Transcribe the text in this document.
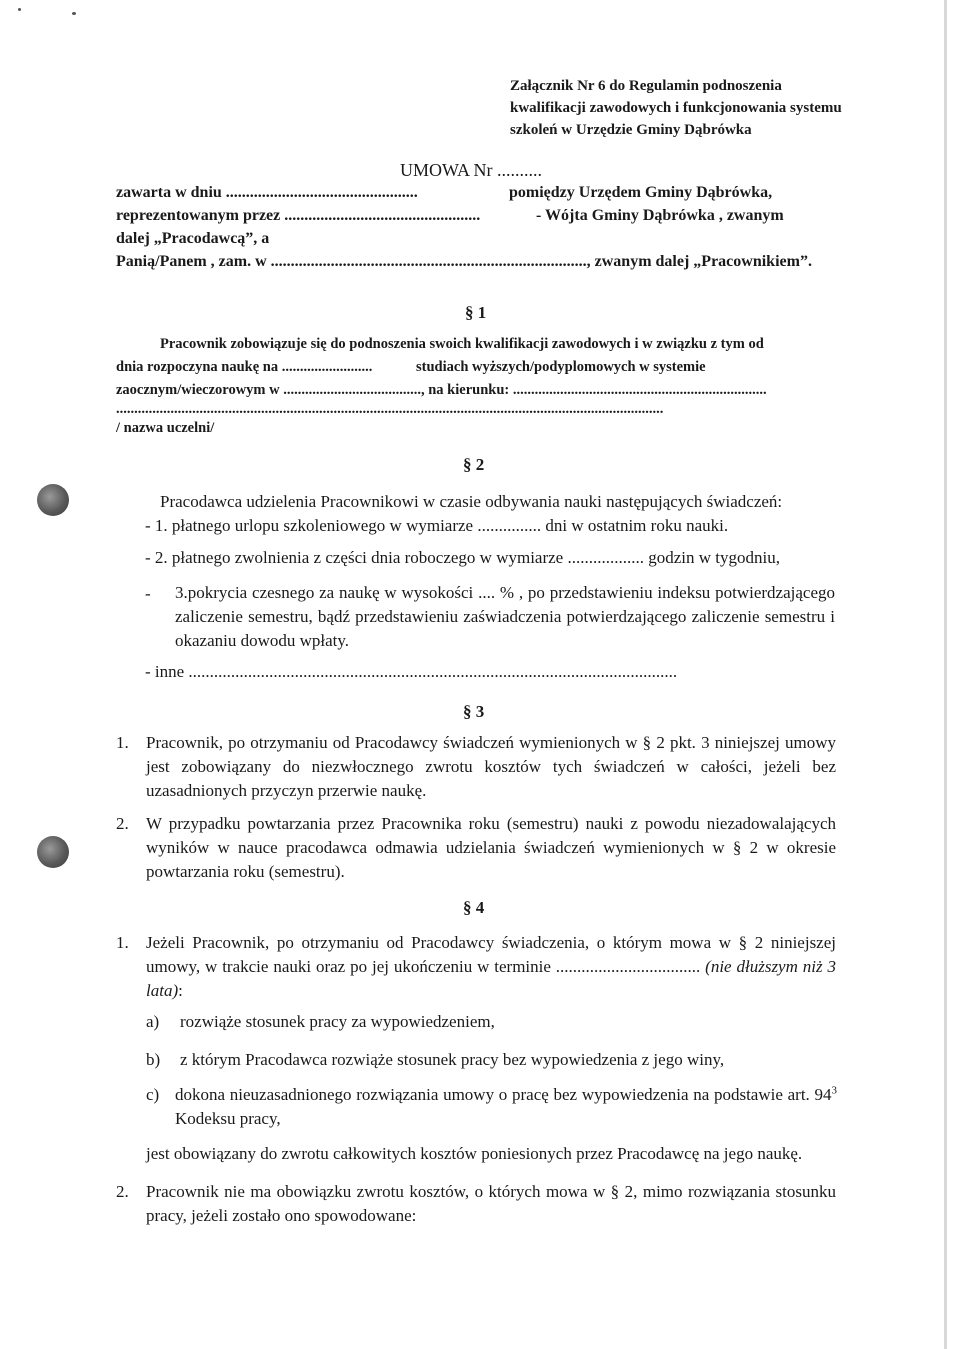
Załącznik Nr 6 do Regulamin podnoszenia
kwalifikacji zawodowych i funkcjonowania systemu
szkoleń w Urzędzie Gminy Dąbrówka
UMOWA Nr ..........
zawarta w dniu ................................................	pomiędzy Urzędem Gminy Dąbrówka,
reprezentowanym przez .................................................	- Wójta Gminy Dąbrówka , zwanym
dalej „Pracodawcą”, a
Panią/Panem , zam. w ..............................................................................., zwanym dalej „Pracownikiem”.
§ 1
Pracownik zobowiązuje się do podnoszenia swoich kwalifikacji zawodowych i w związku z tym od
dnia rozpoczyna naukę na .........................	studiach wyższych/podyplomowych w systemie
zaocznym/wieczorowym w ......................................, na kierunku: ......................................................................
.......................................................................................................................................................
/ nazwa uczelni/
§ 2
Pracodawca udzielenia Pracownikowi w czasie odbywania nauki następujących świadczeń:
- 1. płatnego urlopu szkoleniowego w wymiarze ............... dni w ostatnim roku nauki.
- 2. płatnego zwolnienia z części dnia roboczego w wymiarze .................. godzin w tygodniu,
- 3.pokrycia czesnego za naukę w wysokości .... % , po przedstawieniu indeksu potwierdzającego zaliczenie semestru, bądź przedstawieniu zaświadczenia potwierdzającego zaliczenie semestru i okazaniu dowodu wpłaty.
- inne ...................................................................................................................
§ 3
1. Pracownik, po otrzymaniu od Pracodawcy świadczeń wymienionych w § 2 pkt. 3 niniejszej umowy jest zobowiązany do niezwłocznego zwrotu kosztów tych świadczeń w całości, jeżeli bez uzasadnionych przyczyn przerwie naukę.
2. W przypadku powtarzania przez Pracownika roku (semestru) nauki z powodu niezadowalających wyników w nauce pracodawca odmawia udzielania świadczeń wymienionych w § 2 w okresie powtarzania roku (semestru).
§ 4
1. Jeżeli Pracownik, po otrzymaniu od Pracodawcy świadczenia, o którym mowa w § 2 niniejszej umowy, w trakcie nauki oraz po jej ukończeniu w terminie .................................. (nie dłuższym niż 3 lata):
a) rozwiąże stosunek pracy za wypowiedzeniem,
b) z którym Pracodawca rozwiąże stosunek pracy bez wypowiedzenia z jego winy,
c) dokona nieuzasadnionego rozwiązania umowy o pracę bez wypowiedzenia na podstawie art. $94^3$ Kodeksu pracy,
jest obowiązany do zwrotu całkowitych kosztów poniesionych przez Pracodawcę na jego naukę.
2. Pracownik nie ma obowiązku zwrotu kosztów, o których mowa w § 2, mimo rozwiązania stosunku pracy, jeżeli zostało ono spowodowane:
